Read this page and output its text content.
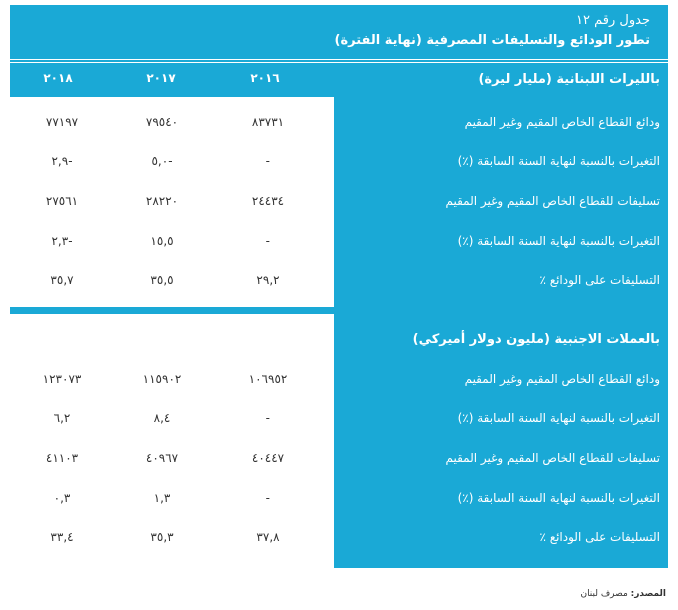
جدول رقم ١٢
تطور الودائع والتسليفات المصرفية (نهاية الفترة)
٢٠١٦
٢٠١٧
٢٠١٨	بالليرات اللبنانية (مليار ليرة)
ودائع القطاع الخاص المقيم وغير المقيم
٨٣٧٣١
٧٩٥٤٠
٧٧١٩٧
التغيرات بالنسبة لنهاية السنة السابقة (٪)
-
٥,٠-
٢,٩-
تسليفات للقطاع الخاص المقيم وغير المقيم
٢٤٤٣٤
٢٨٢٢٠
٢٧٥٦١
التغيرات بالنسبة لنهاية السنة السابقة (٪)
-
١٥,٥
٢,٣-
التسليفات على الودائع ٪
٢٩,٢
٣٥,٥
٣٥,٧
بالعملات الاجنبية (مليون دولار أميركي)
ودائع القطاع الخاص المقيم وغير المقيم
١٠٦٩٥٢
١١٥٩٠٢
١٢٣٠٧٣
التغيرات بالنسبة لنهاية السنة السابقة (٪)
-
٨,٤
٦,٢
تسليفات للقطاع الخاص المقيم وغير المقيم
٤٠٤٤٧
٤٠٩٦٧
٤١١٠٣
التغيرات بالنسبة لنهاية السنة السابقة (٪)
-
١,٣
٠,٣
التسليفات على الودائع ٪
٣٧,٨
٣٥,٣
٣٣,٤
المصدر: مصرف لبنان
